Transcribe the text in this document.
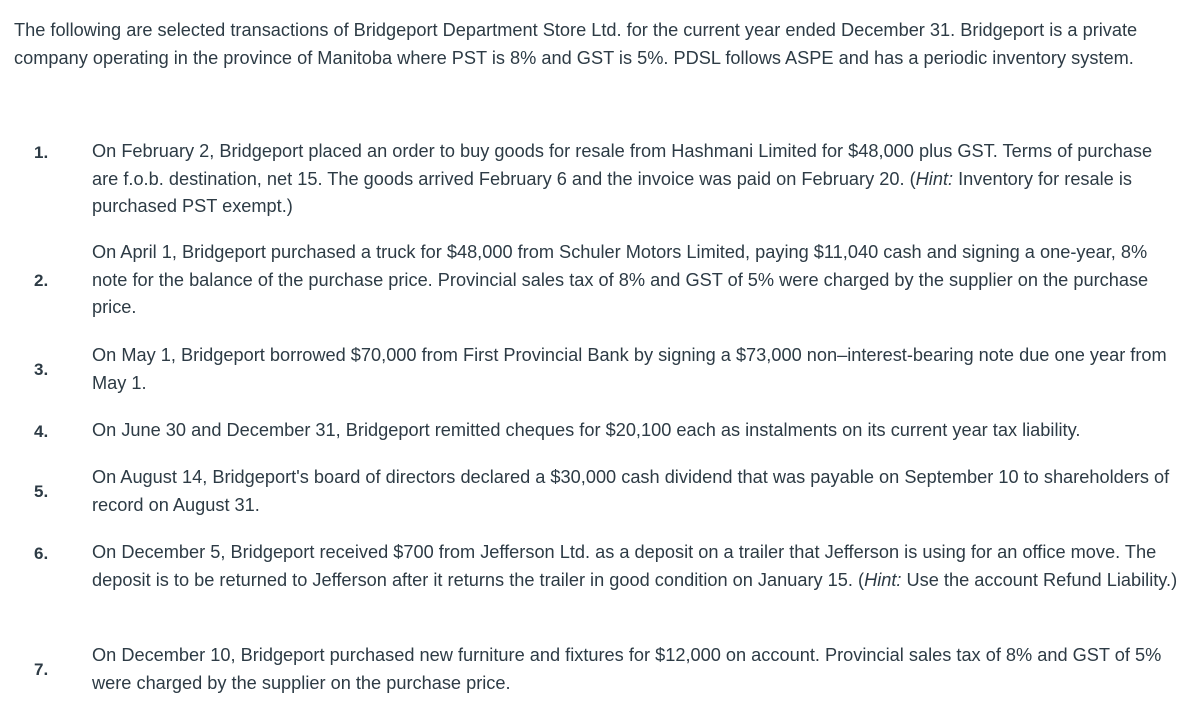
The following are selected transactions of Bridgeport Department Store Ltd. for the current year ended December 31. Bridgeport is a private company operating in the province of Manitoba where PST is 8% and GST is 5%. PDSL follows ASPE and has a periodic inventory system.

1.	On February 2, Bridgeport placed an order to buy goods for resale from Hashmani Limited for $48,000 plus GST. Terms of purchase are f.o.b. destination, net 15. The goods arrived February 6 and the invoice was paid on February 20. (Hint: Inventory for resale is purchased PST exempt.)

2.

On April 1, Bridgeport purchased a truck for $48,000 from Schuler Motors Limited, paying $11,040 cash and signing a one-year, 8% note for the balance of the purchase price. Provincial sales tax of 8% and GST of 5% were charged by the supplier on the purchase price.

3.

On May 1, Bridgeport borrowed $70,000 from First Provincial Bank by signing a $73,000 non–interest-bearing note due one year from May 1.

4.	On June 30 and December 31, Bridgeport remitted cheques for $20,100 each as instalments on its current year tax liability.

5.

On August 14, Bridgeport's board of directors declared a $30,000 cash dividend that was payable on September 10 to shareholders of record on August 31.

6.	On December 5, Bridgeport received $700 from Jefferson Ltd. as a deposit on a trailer that Jefferson is using for an office move. The deposit is to be returned to Jefferson after it returns the trailer in good condition on January 15. (Hint: Use the account Refund Liability.)

7.

On December 10, Bridgeport purchased new furniture and fixtures for $12,000 on account. Provincial sales tax of 8% and GST of 5% were charged by the supplier on the purchase price.
